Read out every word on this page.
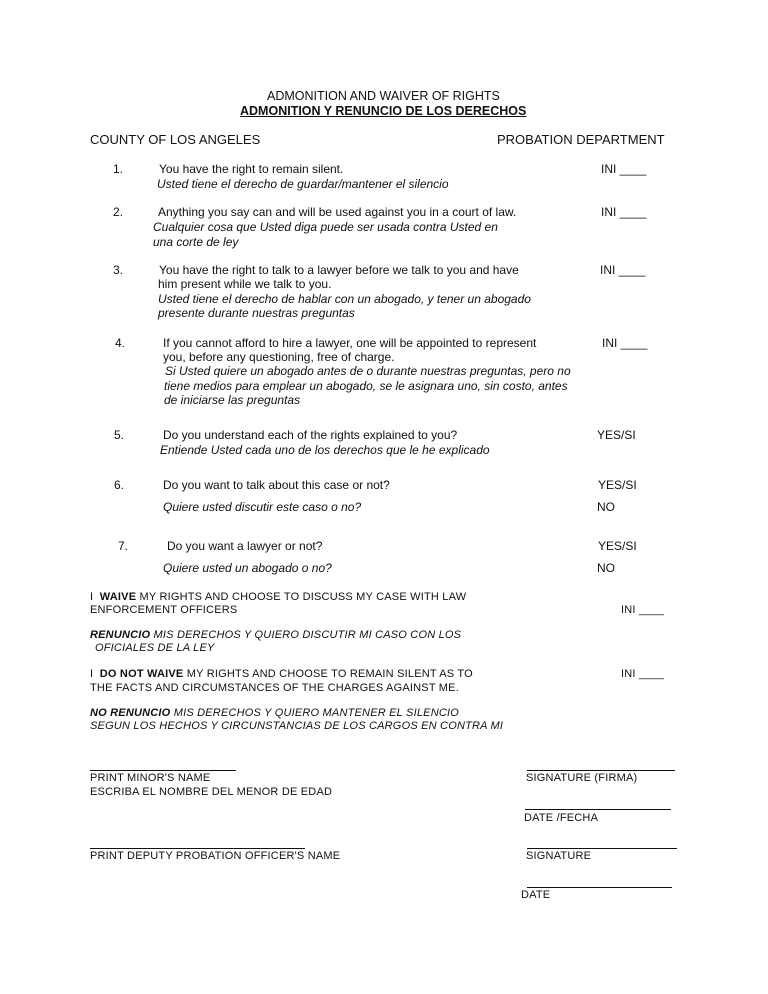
ADMONITION AND WAIVER OF RIGHTS
ADMONITION Y RENUNCIO DE LOS DERECHOS
COUNTY OF LOS ANGELES	PROBATION DEPARTMENT
1.	You have the right to remain silent.
Usted tiene el derecho de guardar/mantener el silencio
INI ____
2.	Anything you say can and will be used against you in a court of law.
Cualquier cosa que Usted diga puede ser usada contra Usted en
una corte de ley
INI ____
3.	You have the right to talk to a lawyer before we talk to you and have
him present while we talk to you.
Usted tiene el derecho de hablar con un abogado, y tener un abogado
presente durante nuestras preguntas
INI ____
4.	If you cannot afford to hire a lawyer, one will be appointed to represent
you, before any questioning, free of charge.
Si Usted quiere un abogado antes de o durante nuestras preguntas, pero no
tiene medios para emplear un abogado, se le asignara uno, sin costo, antes
de iniciarse las preguntas
INI ____
5.	Do you understand each of the rights explained to you?
Entiende Usted cada uno de los derechos que le he explicado
YES/SI
6.	Do you want to talk about this case or not?
Quiere usted discutir este caso o no?
YES/SI
NO
7.	Do you want a lawyer or not?
Quiere usted un abogado o no?
YES/SI
NO
I WAIVE MY RIGHTS AND CHOOSE TO DISCUSS MY CASE WITH LAW
ENFORCEMENT OFFICERS	INI ____
RENUNCIO MIS DERECHOS Y QUIERO DISCUTIR MI CASO CON LOS
OFICIALES DE LA LEY
I DO NOT WAIVE MY RIGHTS AND CHOOSE TO REMAIN SILENT AS TO
THE FACTS AND CIRCUMSTANCES OF THE CHARGES AGAINST ME.
INI ____
NO RENUNCIO MIS DERECHOS Y QUIERO MANTENER EL SILENCIO
SEGUN LOS HECHOS Y CIRCUNSTANCIAS DE LOS CARGOS EN CONTRA MI
PRINT MINOR'S NAME
ESCRIBA EL NOMBRE DEL MENOR DE EDAD
SIGNATURE (FIRMA)
DATE /FECHA
PRINT DEPUTY PROBATION OFFICER'S NAME	SIGNATURE
DATE
